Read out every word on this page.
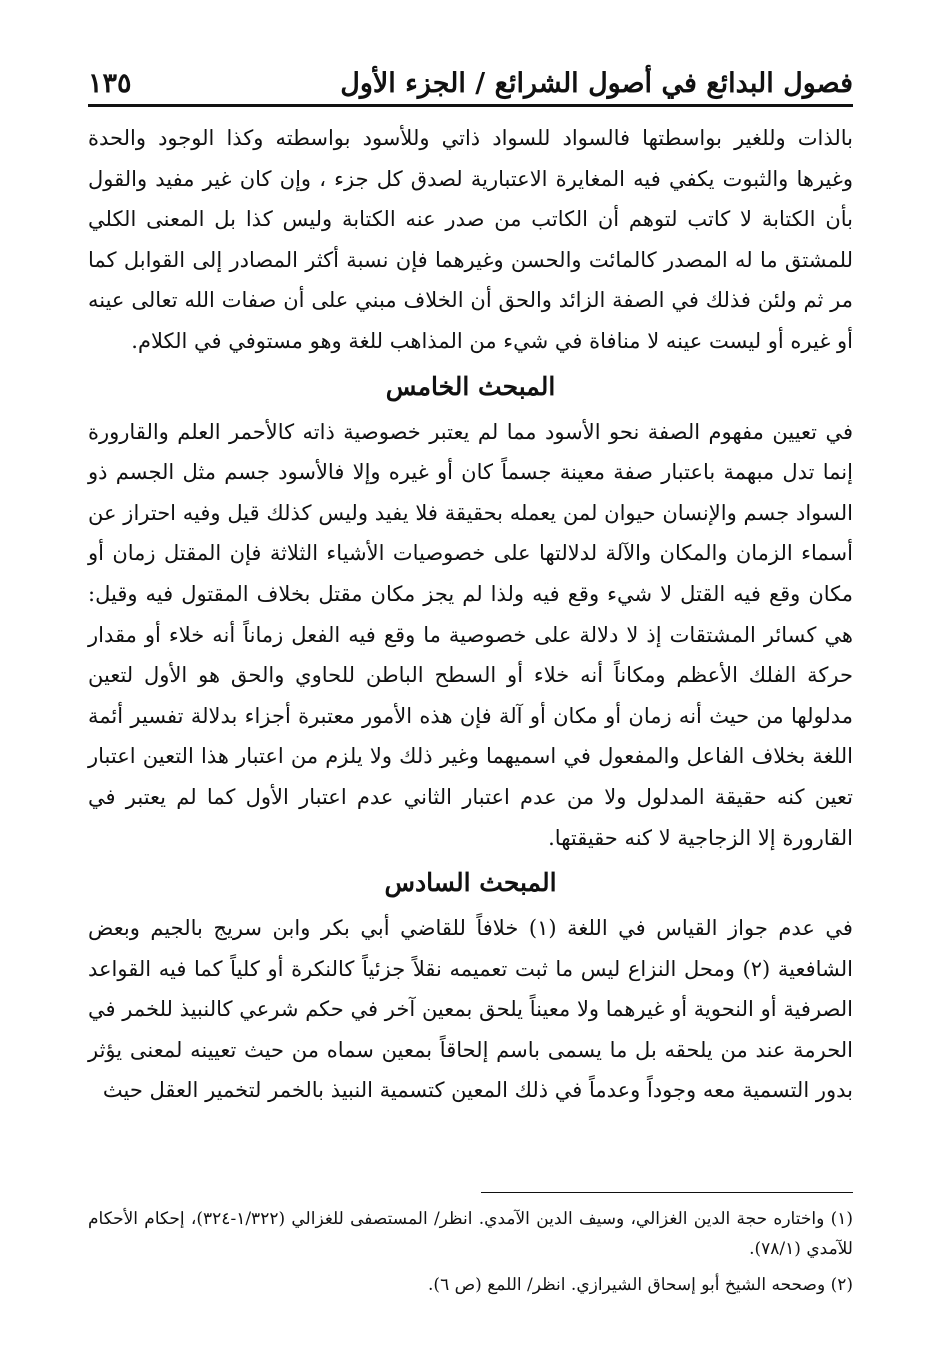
فصول البدائع في أصول الشرائع / الجزء الأول
١٣٥

بالذات وللغير بواسطتها فالسواد للسواد ذاتي وللأسود بواسطته وكذا الوجود والحدة وغيرها والثبوت يكفي فيه المغايرة الاعتبارية لصدق كل جزء ، وإن كان غير مفيد والقول بأن الكتابة لا كاتب لتوهم أن الكاتب من صدر عنه الكتابة وليس كذا بل المعنى الكلي للمشتق ما له المصدر كالمائت والحسن وغيرهما فإن نسبة أكثر المصادر إلى القوابل كما مر ثم ولئن فذلك في الصفة الزائد والحق أن الخلاف مبني على أن صفات الله تعالى عينه أو غيره أو ليست عينه لا منافاة في شيء من المذاهب للغة وهو مستوفي في الكلام.

المبحث الخامس

في تعيين مفهوم الصفة نحو الأسود مما لم يعتبر خصوصية ذاته كالأحمر العلم والقارورة إنما تدل مبهمة باعتبار صفة معينة جسماً كان أو غيره وإلا فالأسود جسم مثل الجسم ذو السواد جسم والإنسان حيوان لمن يعمله بحقيقة فلا يفيد وليس كذلك قيل وفيه احتراز عن أسماء الزمان والمكان والآلة لدلالتها على خصوصيات الأشياء الثلاثة فإن المقتل زمان أو مكان وقع فيه القتل لا شيء وقع فيه ولذا لم يجز مكان مقتل بخلاف المقتول فيه وقيل: هي كسائر المشتقات إذ لا دلالة على خصوصية ما وقع فيه الفعل زماناً أنه خلاء أو مقدار حركة الفلك الأعظم ومكاناً أنه خلاء أو السطح الباطن للحاوي والحق هو الأول لتعين مدلولها من حيث أنه زمان أو مكان أو آلة فإن هذه الأمور معتبرة أجزاء بدلالة تفسير أئمة اللغة بخلاف الفاعل والمفعول في اسميهما وغير ذلك ولا يلزم من اعتبار هذا التعين اعتبار تعين كنه حقيقة المدلول ولا من عدم اعتبار الثاني عدم اعتبار الأول كما لم يعتبر في القارورة إلا الزجاجية لا كنه حقيقتها.

المبحث السادس

في عدم جواز القياس في اللغة (١) خلافاً للقاضي أبي بكر وابن سريج بالجيم وبعض الشافعية (٢) ومحل النزاع ليس ما ثبت تعميمه نقلاً جزئياً كالنكرة أو كلياً كما فيه القواعد الصرفية أو النحوية أو غيرهما ولا معيناً يلحق بمعين آخر في حكم شرعي كالنبيذ للخمر في الحرمة عند من يلحقه بل ما يسمى باسم إلحاقاً بمعين سماه من حيث تعيينه لمعنى يؤثر بدور التسمية معه وجوداً وعدماً في ذلك المعين كتسمية النبيذ بالخمر لتخمير العقل حيث

(١) واختاره حجة الدين الغزالي، وسيف الدين الآمدي. انظر/ المستصفى للغزالي (١/٣٢٢-٣٢٤)، إحكام الأحكام للآمدي (٧٨/١).

(٢) وصححه الشيخ أبو إسحاق الشيرازي. انظر/ اللمع (ص ٦).
